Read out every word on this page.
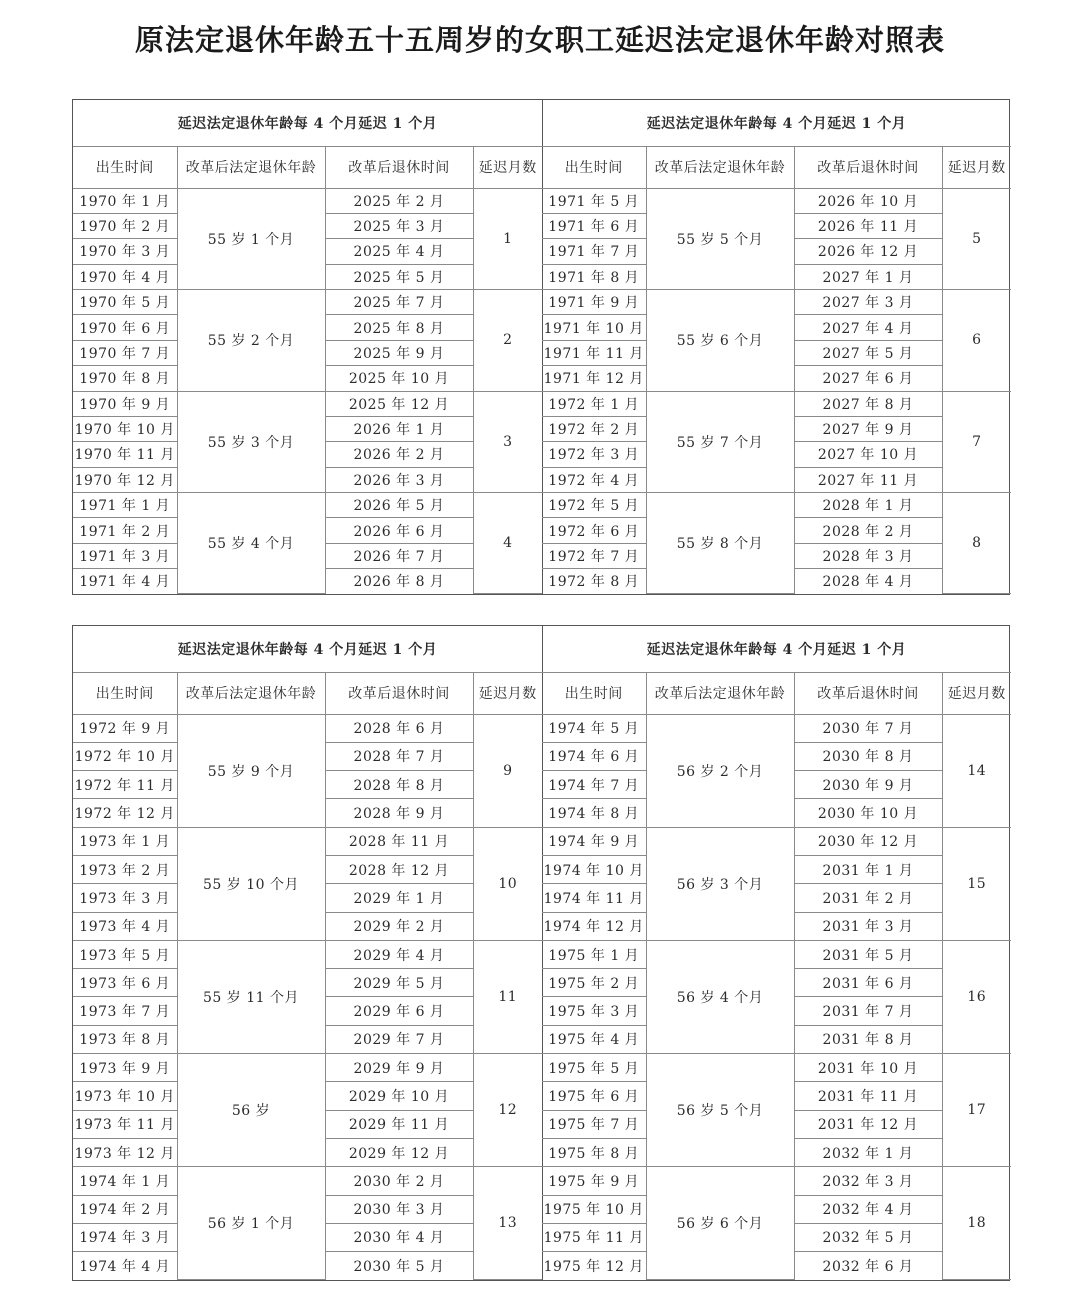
原法定退休年龄五十五周岁的女职工延迟法定退休年龄对照表
延迟法定退休年龄每 4 个月延迟 1 个月			
出生时间	改革后法定退休年龄	改革后退休时间	延迟月数
1970 年 1 月	55 岁 1 个月	2025 年 2 月	1
1970 年 2 月		2025 年 3 月	
1970 年 3 月		2025 年 4 月	
1970 年 4 月		2025 年 5 月	
1970 年 5 月	55 岁 2 个月	2025 年 7 月	2
1970 年 6 月		2025 年 8 月	
1970 年 7 月		2025 年 9 月	
1970 年 8 月		2025 年 10 月	
1970 年 9 月	55 岁 3 个月	2025 年 12 月	3
1970 年 10 月		2026 年 1 月	
1970 年 11 月		2026 年 2 月	
1970 年 12 月		2026 年 3 月	
1971 年 1 月	55 岁 4 个月	2026 年 5 月	4
1971 年 2 月		2026 年 6 月	
1971 年 3 月		2026 年 7 月	
1971 年 4 月		2026 年 8 月	
延迟法定退休年龄每 4 个月延迟 1 个月			
出生时间	改革后法定退休年龄	改革后退休时间	延迟月数
1971 年 5 月	55 岁 5 个月	2026 年 10 月	5
1971 年 6 月		2026 年 11 月	
1971 年 7 月		2026 年 12 月	
1971 年 8 月		2027 年 1 月	
1971 年 9 月	55 岁 6 个月	2027 年 3 月	6
1971 年 10 月		2027 年 4 月	
1971 年 11 月		2027 年 5 月	
1971 年 12 月		2027 年 6 月	
1972 年 1 月	55 岁 7 个月	2027 年 8 月	7
1972 年 2 月		2027 年 9 月	
1972 年 3 月		2027 年 10 月	
1972 年 4 月		2027 年 11 月	
1972 年 5 月	55 岁 8 个月	2028 年 1 月	8
1972 年 6 月		2028 年 2 月	
1972 年 7 月		2028 年 3 月	
1972 年 8 月		2028 年 4 月	
延迟法定退休年龄每 4 个月延迟 1 个月			
出生时间	改革后法定退休年龄	改革后退休时间	延迟月数
1972 年 9 月	55 岁 9 个月	2028 年 6 月	9
1972 年 10 月		2028 年 7 月	
1972 年 11 月		2028 年 8 月	
1972 年 12 月		2028 年 9 月	
1973 年 1 月	55 岁 10 个月	2028 年 11 月	10
1973 年 2 月		2028 年 12 月	
1973 年 3 月		2029 年 1 月	
1973 年 4 月		2029 年 2 月	
1973 年 5 月	55 岁 11 个月	2029 年 4 月	11
1973 年 6 月		2029 年 5 月	
1973 年 7 月		2029 年 6 月	
1973 年 8 月		2029 年 7 月	
1973 年 9 月	56 岁	2029 年 9 月	12
1973 年 10 月		2029 年 10 月	
1973 年 11 月		2029 年 11 月	
1973 年 12 月		2029 年 12 月	
1974 年 1 月	56 岁 1 个月	2030 年 2 月	13
1974 年 2 月		2030 年 3 月	
1974 年 3 月		2030 年 4 月	
1974 年 4 月		2030 年 5 月	
延迟法定退休年龄每 4 个月延迟 1 个月			
出生时间	改革后法定退休年龄	改革后退休时间	延迟月数
1974 年 5 月	56 岁 2 个月	2030 年 7 月	14
1974 年 6 月		2030 年 8 月	
1974 年 7 月		2030 年 9 月	
1974 年 8 月		2030 年 10 月	
1974 年 9 月	56 岁 3 个月	2030 年 12 月	15
1974 年 10 月		2031 年 1 月	
1974 年 11 月		2031 年 2 月	
1974 年 12 月		2031 年 3 月	
1975 年 1 月	56 岁 4 个月	2031 年 5 月	16
1975 年 2 月		2031 年 6 月	
1975 年 3 月		2031 年 7 月	
1975 年 4 月		2031 年 8 月	
1975 年 5 月	56 岁 5 个月	2031 年 10 月	17
1975 年 6 月		2031 年 11 月	
1975 年 7 月		2031 年 12 月	
1975 年 8 月		2032 年 1 月	
1975 年 9 月	56 岁 6 个月	2032 年 3 月	18
1975 年 10 月		2032 年 4 月	
1975 年 11 月		2032 年 5 月	
1975 年 12 月		2032 年 6 月	
